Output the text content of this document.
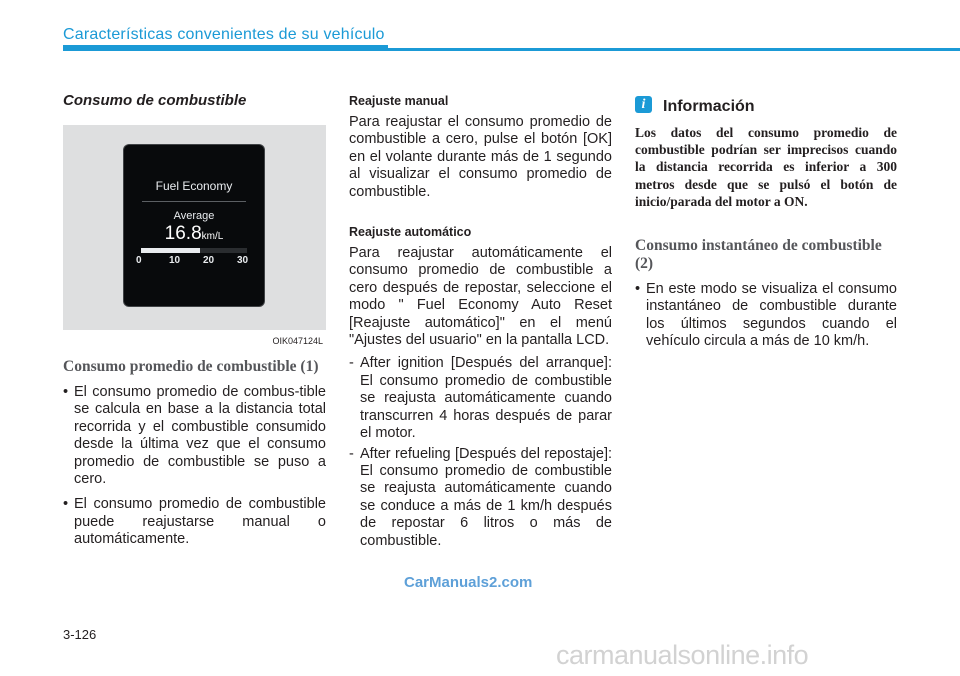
Características convenientes de su vehículo
Consumo de combustible
Fuel Economy
Average
16.8km/L
0	10 20 30
OIK047124L
Consumo promedio de combustible (1)
• El consumo promedio de combus-tible se calcula en base a la distancia total recorrida y el combustible consumido desde la última vez que el consumo promedio de combustible se puso a cero.
• El consumo promedio de combustible puede reajustarse manual o automáticamente.
Reajuste manual

Para reajustar el consumo promedio de combustible a cero, pulse el botón [OK] en el volante durante más de 1 segundo al visualizar el consumo promedio de combustible.

Reajuste automático

Para reajustar automáticamente el consumo promedio de combustible a cero después de repostar, seleccione el modo " Fuel Economy Auto Reset [Reajuste automático]" en el menú "Ajustes del usuario" en la pantalla LCD.

- After ignition [Después del arranque]: El consumo promedio de combustible se reajusta automáticamente cuando transcurren 4 horas después de parar el motor.
- After refueling [Después del repostaje]: El consumo promedio de combustible se reajusta automáticamente cuando se conduce a más de 1 km/h después de repostar 6 litros o más de combustible.
i	Información

Los datos del consumo promedio de combustible podrían ser imprecisos cuando la distancia recorrida es inferior a 300 metros desde que se pulsó el botón de inicio/parada del motor a ON.

Consumo instantáneo de combustible (2)
• En este modo se visualiza el consumo instantáneo de combustible durante los últimos segundos cuando el vehículo circula a más de 10 km/h.
CarManuals2.com
3-126
carmanualsonline.info
